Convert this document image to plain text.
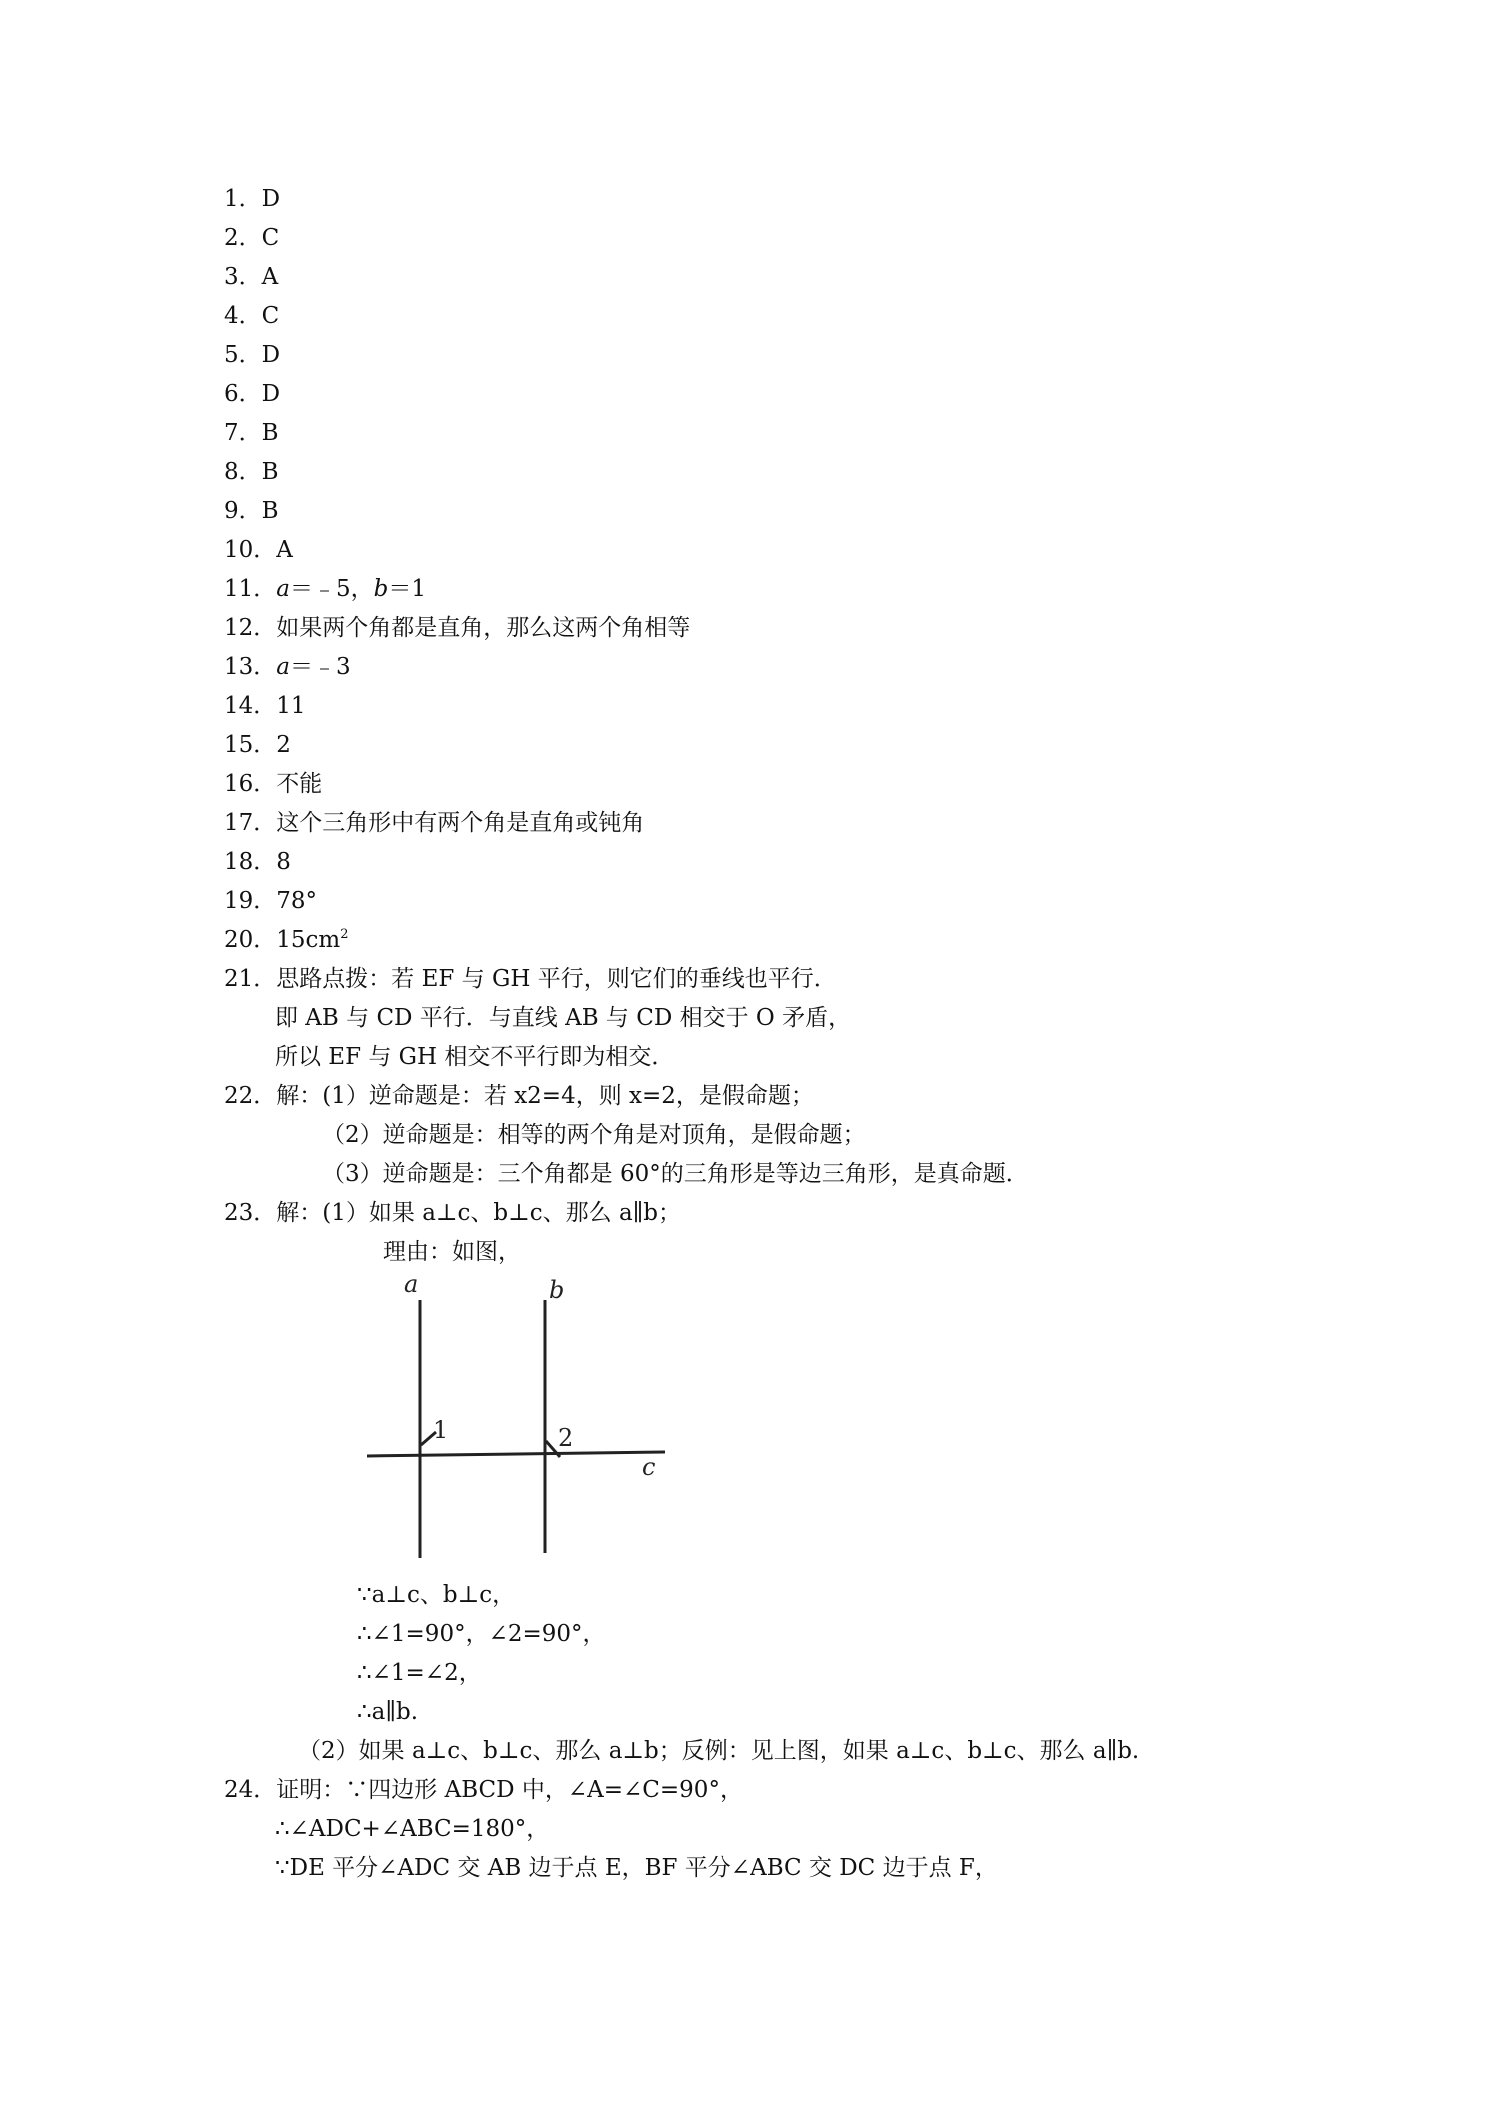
1．D
2．C
3．A
4．C
5．D
6．D
7．B
8．B
9．B
10．A
11．a＝﹣5，b＝1
12．如果两个角都是直角，那么这两个角相等
13．a＝﹣3
14．11
15．2
16．不能
17．这个三角形中有两个角是直角或钝角
18．8
19．78°
20．$15cm^2$
21．思路点拨：若 EF 与 GH 平行，则它们的垂线也平行．
即 AB 与 CD 平行．与直线 AB 与 CD 相交于 O 矛盾，
所以 EF 与 GH 相交不平行即为相交．
22．解：(1）逆命题是：若 x2=4，则 x=2，是假命题；
（2）逆命题是：相等的两个角是对顶角，是假命题；
（3）逆命题是：三个角都是 60°的三角形是等边三角形，是真命题．
23．解：(1）如果 a⊥c、b⊥c、那么 a∥b；
理由：如图，
a	b
c
1	2
∵a⊥c、b⊥c，
∴∠1=90°，∠2=90°，
∴∠1=∠2，
∴a∥b.
（2）如果 a⊥c、b⊥c、那么 a⊥b；反例：见上图，如果 a⊥c、b⊥c、那么 a∥b.
24．证明：∵四边形 ABCD 中，∠A=∠C=90°，
∴∠ADC+∠ABC=180°，
∵DE 平分∠ADC 交 AB 边于点 E，BF 平分∠ABC 交 DC 边于点 F，
